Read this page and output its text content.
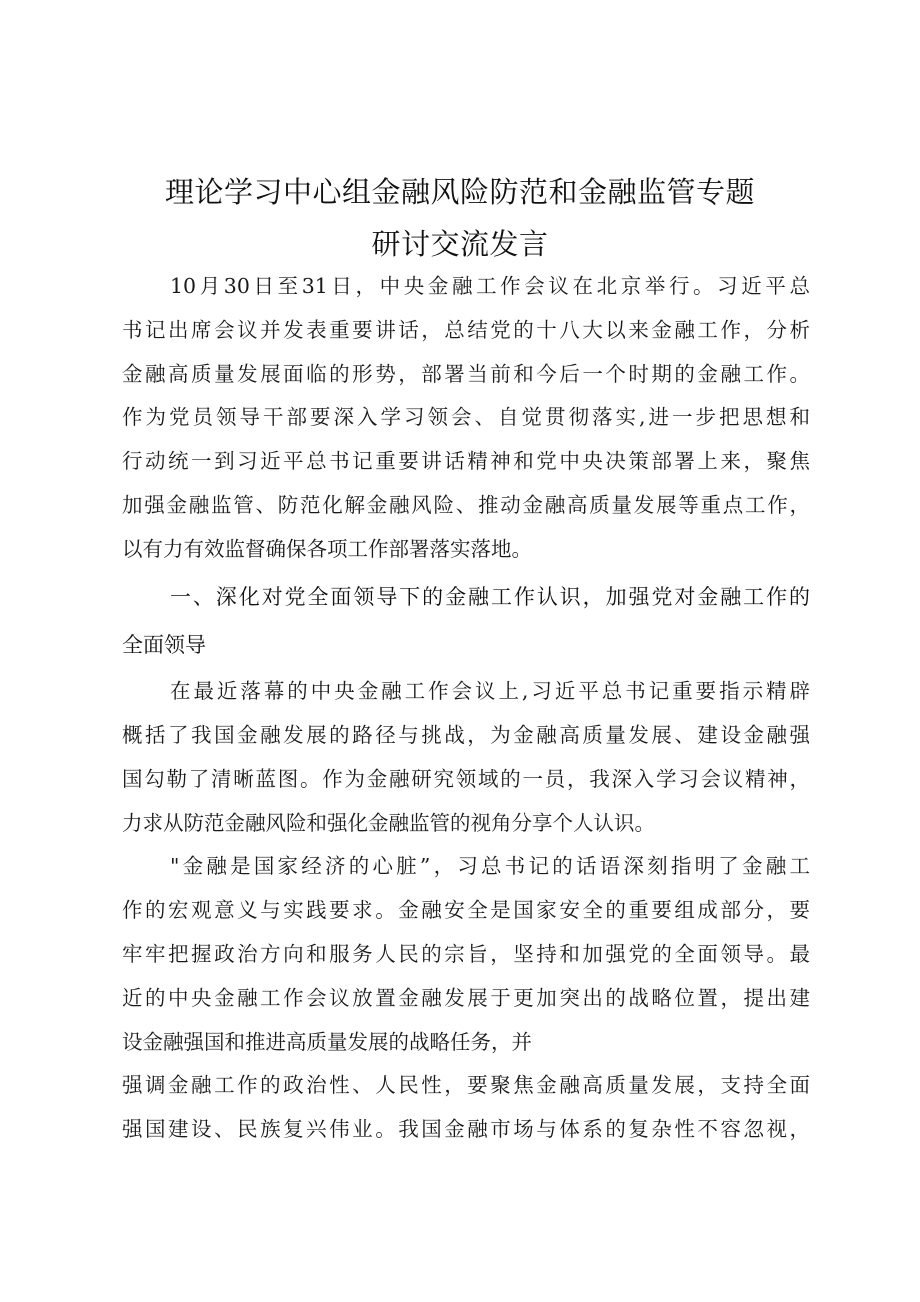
理论学习中心组金融风险防范和金融监管专题
研讨交流发言
10月30日至31日，中央金融工作会议在北京举行。习近平总
书记出席会议并发表重要讲话，总结党的十八大以来金融工作，分析
金融高质量发展面临的形势，部署当前和今后一个时期的金融工作。
作为党员领导干部要深入学习领会、自觉贯彻落实,进一步把思想和
行动统一到习近平总书记重要讲话精神和党中央决策部署上来，聚焦
加强金融监管、防范化解金融风险、推动金融高质量发展等重点工作，
以有力有效监督确保各项工作部署落实落地。
一、深化对党全面领导下的金融工作认识，加强党对金融工作的
全面领导
在最近落幕的中央金融工作会议上,习近平总书记重要指示精辟
概括了我国金融发展的路径与挑战，为金融高质量发展、建设金融强
国勾勒了清晰蓝图。作为金融研究领域的一员，我深入学习会议精神，
力求从防范金融风险和强化金融监管的视角分享个人认识。
"金融是国家经济的心脏”，习总书记的话语深刻指明了金融工
作的宏观意义与实践要求。金融安全是国家安全的重要组成部分，要
牢牢把握政治方向和服务人民的宗旨，坚持和加强党的全面领导。最
近的中央金融工作会议放置金融发展于更加突出的战略位置，提出建
设金融强国和推进高质量发展的战略任务，并
强调金融工作的政治性、人民性，要聚焦金融高质量发展，支持全面
强国建设、民族复兴伟业。我国金融市场与体系的复杂性不容忽视，
